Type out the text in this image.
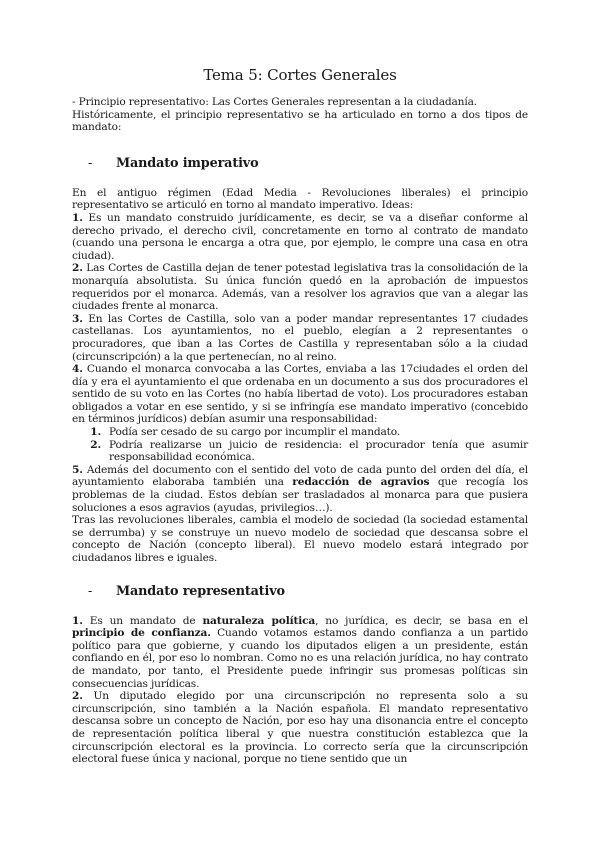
Tema 5: Cortes Generales

- Principio representativo: Las Cortes Generales representan a la ciudadanía.

Históricamente, el principio representativo se ha articulado en torno a dos tipos de mandato:

- Mandato imperativo

En el antiguo régimen (Edad Media - Revoluciones liberales) el principio representativo se articuló en torno al mandato imperativo. Ideas:

1. Es un mandato construido jurídicamente, es decir, se va a diseñar conforme al derecho privado, el derecho civil, concretamente en torno al contrato de mandato (cuando una persona le encarga a otra que, por ejemplo, le compre una casa en otra ciudad).

2. Las Cortes de Castilla dejan de tener potestad legislativa tras la consolidación de la monarquía absolutista. Su única función quedó en la aprobación de impuestos requeridos por el monarca. Además, van a resolver los agravios que van a alegar las ciudades frente al monarca.

3. En las Cortes de Castilla, solo van a poder mandar representantes 17 ciudades castellanas. Los ayuntamientos, no el pueblo, elegían a 2 representantes o procuradores, que iban a las Cortes de Castilla y representaban sólo a la ciudad (circunscripción) a la que pertenecían, no al reino.

4. Cuando el monarca convocaba a las Cortes, enviaba a las 17ciudades el orden del día y era el ayuntamiento el que ordenaba en un documento a sus dos procuradores el sentido de su voto en las Cortes (no había libertad de voto). Los procuradores estaban obligados a votar en ese sentido, y si se infringía ese mandato imperativo (concebido en términos jurídicos) debían asumir una responsabilidad:

1. Podía ser cesado de su cargo por incumplir el mandato.
2. Podría realizarse un juicio de residencia: el procurador tenía que asumir responsabilidad económica.

5. Además del documento con el sentido del voto de cada punto del orden del día, el ayuntamiento elaboraba también una redacción de agravios que recogía los problemas de la ciudad. Estos debían ser trasladados al monarca para que pusiera soluciones a esos agravios (ayudas, privilegios…).

Tras las revoluciones liberales, cambia el modelo de sociedad (la sociedad estamental se derrumba) y se construye un nuevo modelo de sociedad que descansa sobre el concepto de Nación (concepto liberal). El nuevo modelo estará integrado por ciudadanos libres e iguales.

- Mandato representativo

1. Es un mandato de naturaleza política, no jurídica, es decir, se basa en el principio de confianza. Cuando votamos estamos dando confianza a un partido político para que gobierne, y cuando los diputados eligen a un presidente, están confiando en él, por eso lo nombran. Como no es una relación jurídica, no hay contrato de mandato, por tanto, el Presidente puede infringir sus promesas políticas sin consecuencias jurídicas.

2. Un diputado elegido por una circunscripción no representa solo a su circunscripción, sino también a la Nación española. El mandato representativo descansa sobre un concepto de Nación, por eso hay una disonancia entre el concepto de representación política liberal y que nuestra constitución establezca que la circunscripción electoral es la provincia. Lo correcto sería que la circunscripción electoral fuese única y nacional, porque no tiene sentido que un
